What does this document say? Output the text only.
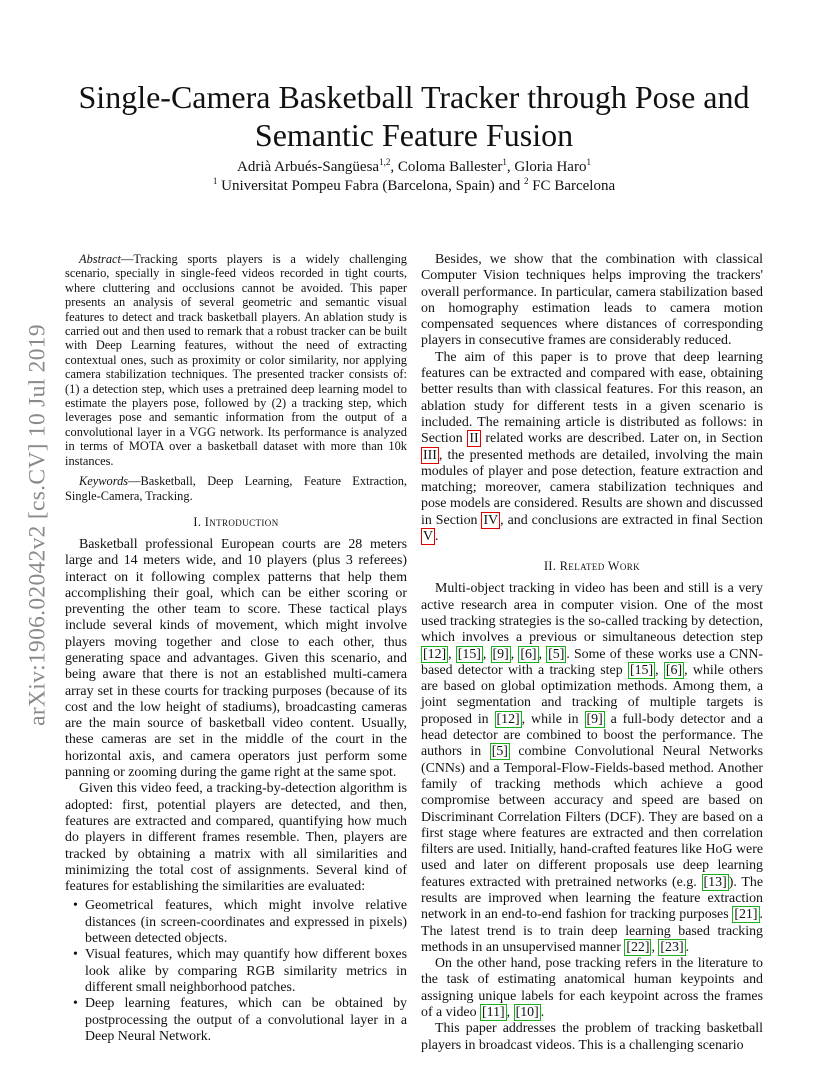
arXiv:1906.02042v2 [cs.CV] 10 Jul 2019
Single-Camera Basketball Tracker through Pose and
Semantic Feature Fusion
Adrià Arbués-Sangüesa$^{1,2}$, Coloma Ballester$^1$, Gloria Haro$^1$
$^1$ Universitat Pompeu Fabra (Barcelona, Spain) and $^2$ FC Barcelona

Abstract—Tracking sports players is a widely challenging scenario, specially in single-feed videos recorded in tight courts, where cluttering and occlusions cannot be avoided. This paper presents an analysis of several geometric and semantic visual features to detect and track basketball players. An ablation study is carried out and then used to remark that a robust tracker can be built with Deep Learning features, without the need of extracting contextual ones, such as proximity or color similarity, nor applying camera stabilization techniques. The presented tracker consists of: (1) a detection step, which uses a pretrained deep learning model to estimate the players pose, followed by (2) a tracking step, which leverages pose and semantic information from the output of a convolutional layer in a VGG network. Its performance is analyzed in terms of MOTA over a basketball dataset with more than 10k instances.

Keywords—Basketball, Deep Learning, Feature Extraction, Single-Camera, Tracking.

I. Introduction

Basketball professional European courts are 28 meters large and 14 meters wide, and 10 players (plus 3 referees) interact on it following complex patterns that help them accomplishing their goal, which can be either scoring or preventing the other team to score. These tactical plays include several kinds of movement, which might involve players moving together and close to each other, thus generating space and advantages. Given this scenario, and being aware that there is not an established multi-camera array set in these courts for tracking purposes (because of its cost and the low height of stadiums), broadcasting cameras are the main source of basketball video content. Usually, these cameras are set in the middle of the court in the horizontal axis, and camera operators just perform some panning or zooming during the game right at the same spot.

Given this video feed, a tracking-by-detection algorithm is adopted: first, potential players are detected, and then, features are extracted and compared, quantifying how much do players in different frames resemble. Then, players are tracked by obtaining a matrix with all similarities and minimizing the total cost of assignments. Several kind of features for establishing the similarities are evaluated:

• Geometrical features, which might involve relative distances (in screen-coordinates and expressed in pixels) between detected objects.
• Visual features, which may quantify how different boxes look alike by comparing RGB similarity metrics in different small neighborhood patches.
• Deep learning features, which can be obtained by postprocessing the output of a convolutional layer in a Deep Neural Network.

Besides, we show that the combination with classical Computer Vision techniques helps improving the trackers' overall performance. In particular, camera stabilization based on homography estimation leads to camera motion compensated sequences where distances of corresponding players in consecutive frames are considerably reduced.

The aim of this paper is to prove that deep learning features can be extracted and compared with ease, obtaining better results than with classical features. For this reason, an ablation study for different tests in a given scenario is included. The remaining article is distributed as follows: in Section II related works are described. Later on, in Section III , the presented methods are detailed, involving the main modules of player and pose detection, feature extraction and matching; moreover, camera stabilization techniques and pose models are considered. Results are shown and discussed in Section IV , and conclusions are extracted in final Section V .

II. Related Work

Multi-object tracking in video has been and still is a very active research area in computer vision. One of the most used tracking strategies is the so-called tracking by detection, which involves a previous or simultaneous detection step [12] , [15] , [9] , [6] , [5] . Some of these works use a CNN-based detector with a tracking step [15] , [6] , while others are based on global optimization methods. Among them, a joint segmentation and tracking of multiple targets is proposed in [12] , while in [9] a full-body detector and a head detector are combined to boost the performance. The authors in [5] combine Convolutional Neural Networks (CNNs) and a Temporal-Flow-Fields-based method. Another family of tracking methods which achieve a good compromise between accuracy and speed are based on Discriminant Correlation Filters (DCF). They are based on a first stage where features are extracted and then correlation filters are used. Initially, hand-crafted features like HoG were used and later on different proposals use deep learning features extracted with pretrained networks (e.g. [13] ). The results are improved when learning the feature extraction network in an end-to-end fashion for tracking purposes [21] . The latest trend is to train deep learning based tracking methods in an unsupervised manner [22] , [23] .

On the other hand, pose tracking refers in the literature to the task of estimating anatomical human keypoints and assigning unique labels for each keypoint across the frames of a video [11] , [10] .

This paper addresses the problem of tracking basketball players in broadcast videos. This is a challenging scenario
